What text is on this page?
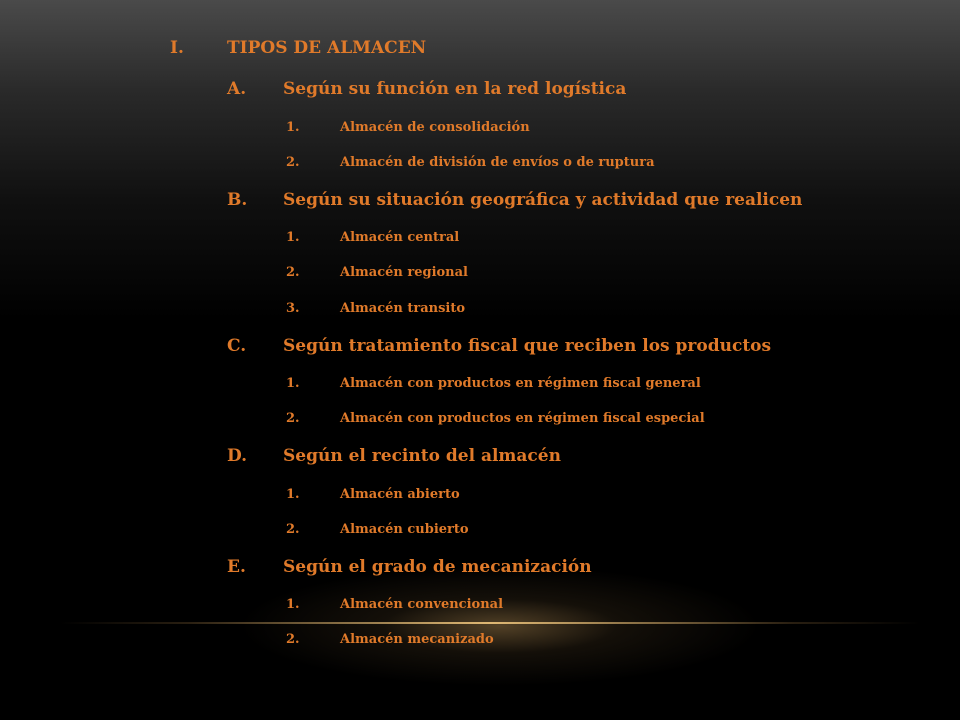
I.	TIPOS DE ALMACEN
A. Según su función en la red logística
1.	Almacén de consolidación
2.	Almacén de división de envíos o de ruptura
B. Según su situación geográfica y actividad que realicen
1.	Almacén central
2.	Almacén regional
3.	Almacén transito
C. Según tratamiento fiscal que reciben los productos
1.	Almacén con productos en régimen fiscal general
2.	Almacén con productos en régimen fiscal especial
D. Según el recinto del almacén
1.	Almacén abierto
2.	Almacén cubierto
E. Según el grado de mecanización
1.	Almacén convencional
2.	Almacén mecanizado
